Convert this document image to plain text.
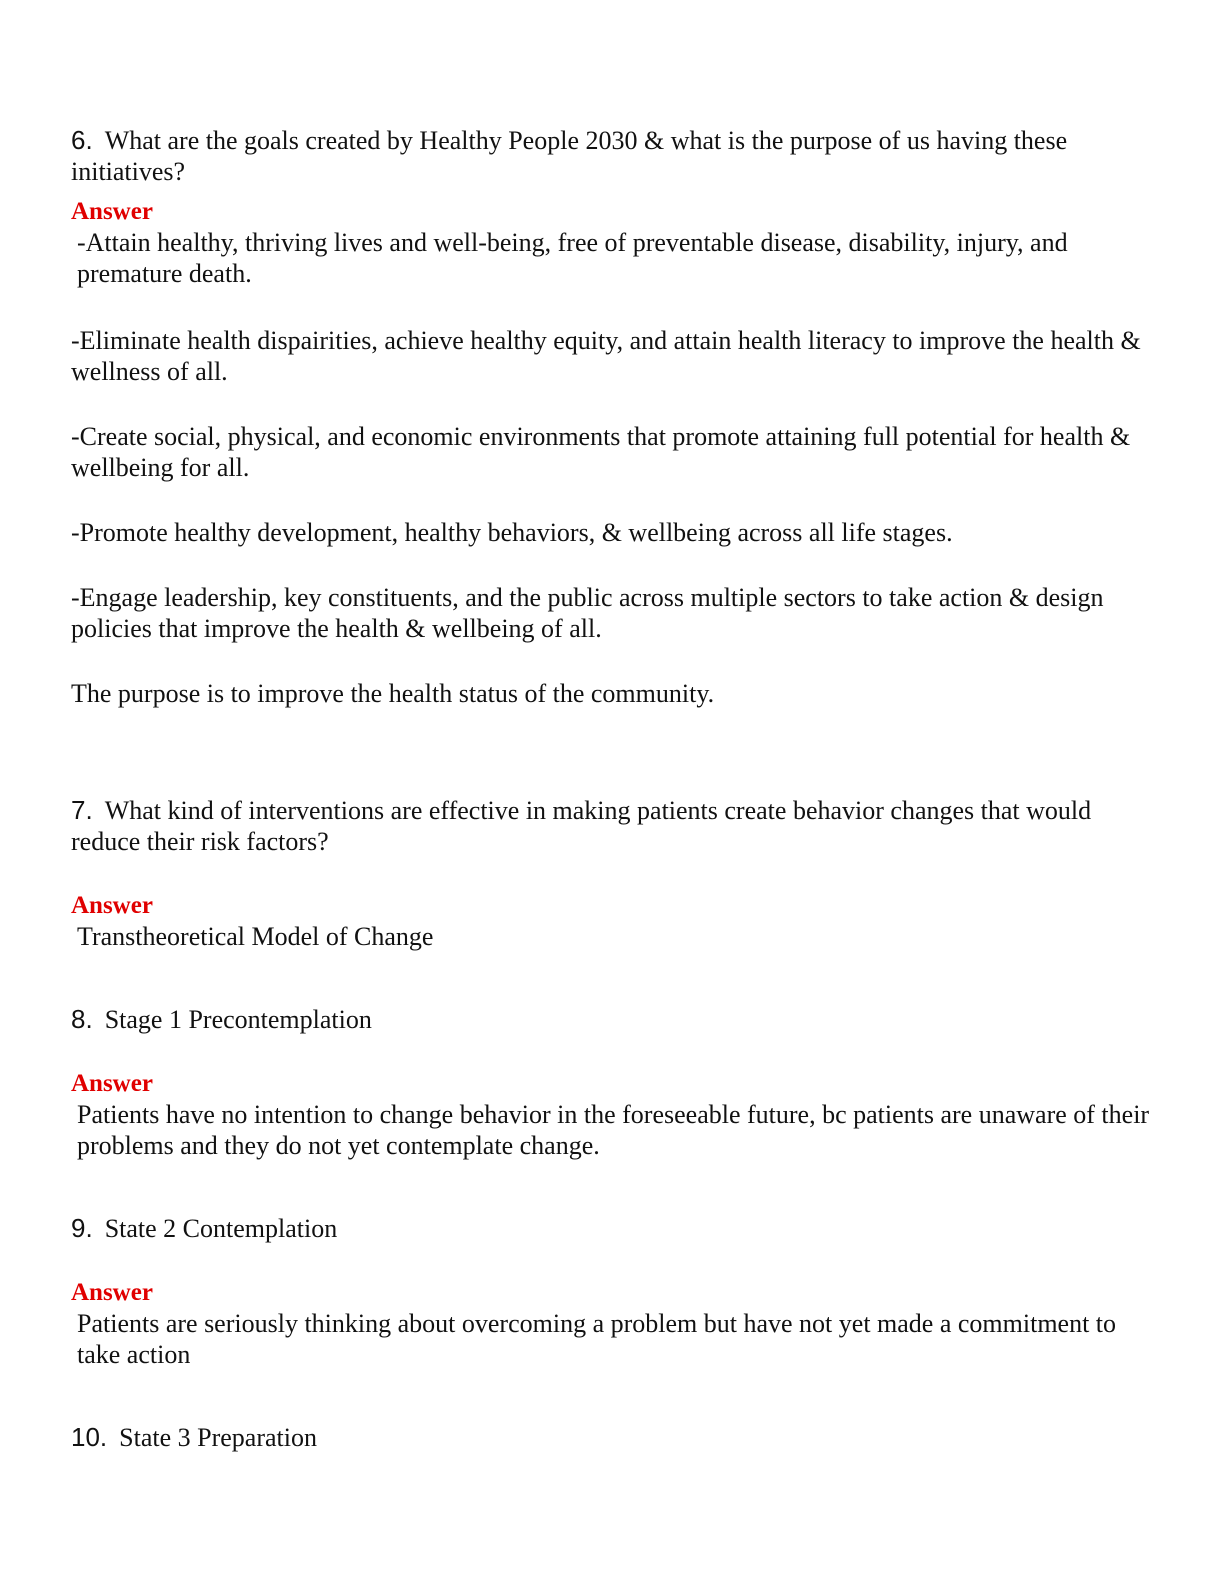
6. What are the goals created by Healthy People 2030 & what is the purpose of us having these initiatives?

Answer

-Attain healthy, thriving lives and well-being, free of preventable disease, disability, injury, and premature death.

-Eliminate health dispairities, achieve healthy equity, and attain health literacy to improve the health & wellness of all.

-Create social, physical, and economic environments that promote attaining full potential for health & wellbeing for all.

-Promote healthy development, healthy behaviors, & wellbeing across all life stages.

-Engage leadership, key constituents, and the public across multiple sectors to take action & design policies that improve the health & wellbeing of all.

The purpose is to improve the health status of the community.

7. What kind of interventions are effective in making patients create behavior changes that would reduce their risk factors?

Answer

Transtheoretical Model of Change

8. Stage 1 Precontemplation

Answer

Patients have no intention to change behavior in the foreseeable future, bc patients are unaware of their problems and they do not yet contemplate change.

9. State 2 Contemplation

Answer

Patients are seriously thinking about overcoming a problem but have not yet made a commitment to take action

10. State 3 Preparation
